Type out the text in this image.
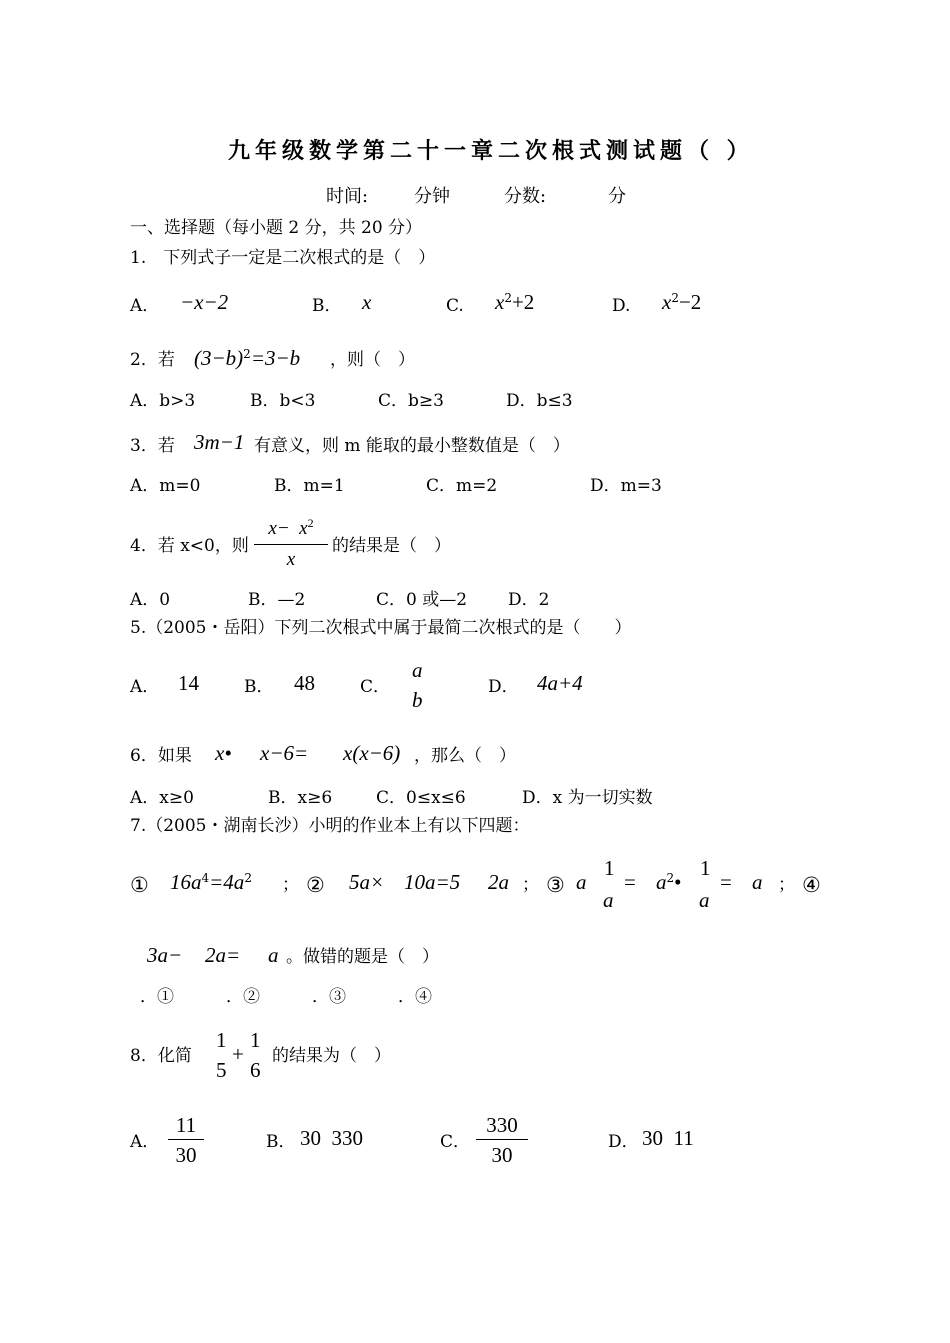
九年级数学第二十一章二次根式测试题（ ）
时间:	分钟	分数:	分
一、选择题（每小题 2 分，共 20 分）
1.　下列式子一定是二次根式的是（　）
A． −x−2	B． x	C. $x^2+2$	D. $x^2-2$
2．若 $(3-b)^2=3-b$ ，则（　）
A．b>3	B．b<3	C．b≥3	D．b≤3
3．若 3m−1 有意义，则 m 能取的最小整数值是（　）
A．m=0	B．m=1	C．m=2	D．m=3
4．若 x<0，则
$x- x^2$
x
的结果是（　）
A．0	B．—2	C．0 或—2 D．2
5.（2005・岳阳）下列二次根式中属于最简二次根式的是（　　）
A． 14	B． 48	C．
a
b
D． 4a+4
6．如果 x• x−6= x(x−6) ，那么（　）
A．x≥0	B．x≥6	C．0≤x≤6	D．x 为一切实数
7.（2005・湖南长沙）小明的作业本上有以下四题：
① $16a^4=4a^2$ ； ② 5a× 10a=5 2a ； ③ a
1
a
= $a^2•$
1
a
= a ； ④
3a− 2a= a 。做错的题是（　）
．①	．②	．③	．④
8．化简
1
5
+
1
6
的结果为（　）
A．
11
30
B． 30  330	C．
330
30
D． 30  11
